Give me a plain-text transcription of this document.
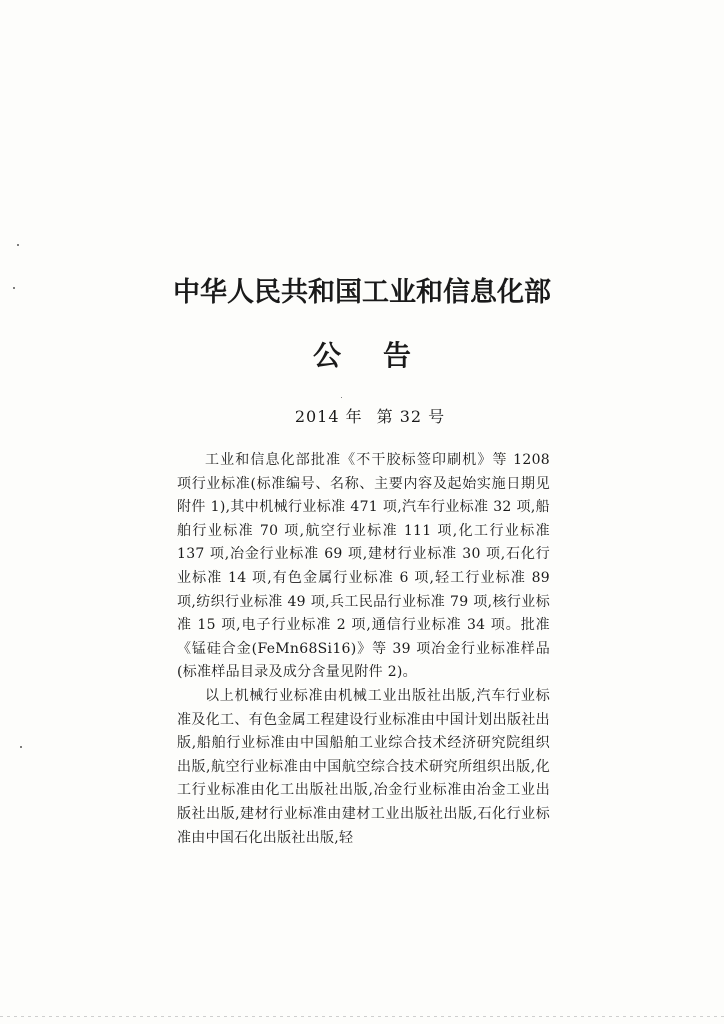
中华人民共和国工业和信息化部
公 告
2014 年 第 32 号

工业和信息化部批准《不干胶标签印刷机》等 1208 项行业标准(标准编号、名称、主要内容及起始实施日期见附件 1),其中机械行业标准 471 项,汽车行业标准 32 项,船舶行业标准 70 项,航空行业标准 111 项,化工行业标准 137 项,冶金行业标准 69 项,建材行业标准 30 项,石化行业标准 14 项,有色金属行业标准 6 项,轻工行业标准 89 项,纺织行业标准 49 项,兵工民品行业标准 79 项,核行业标准 15 项,电子行业标准 2 项,通信行业标准 34 项。批准《锰硅合金(FeMn68Si16)》等 39 项冶金行业标准样品(标准样品目录及成分含量见附件 2)。

以上机械行业标准由机械工业出版社出版,汽车行业标准及化工、有色金属工程建设行业标准由中国计划出版社出版,船舶行业标准由中国船舶工业综合技术经济研究院组织出版,航空行业标准由中国航空综合技术研究所组织出版,化工行业标准由化工出版社出版,冶金行业标准由冶金工业出版社出版,建材行业标准由建材工业出版社出版,石化行业标准由中国石化出版社出版,轻
